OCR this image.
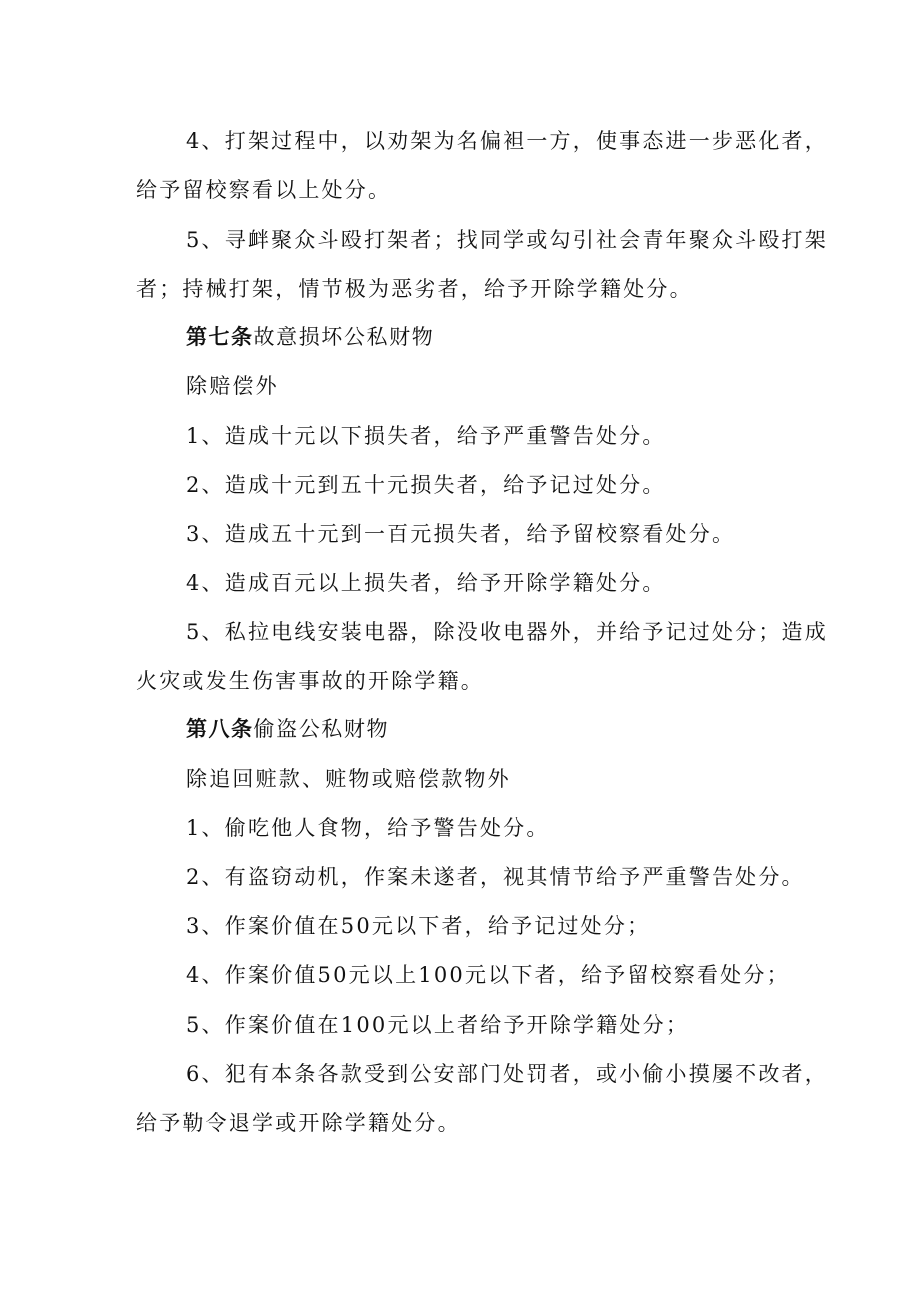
4、打架过程中，以劝架为名偏袒一方，使事态进一步恶化者，
给予留校察看以上处分。
5、寻衅聚众斗殴打架者；找同学或勾引社会青年聚众斗殴打架
者；持械打架，情节极为恶劣者，给予开除学籍处分。
第七条故意损坏公私财物
除赔偿外
1、造成十元以下损失者，给予严重警告处分。
2、造成十元到五十元损失者，给予记过处分。
3、造成五十元到一百元损失者，给予留校察看处分。
4、造成百元以上损失者，给予开除学籍处分。
5、私拉电线安装电器，除没收电器外，并给予记过处分；造成
火灾或发生伤害事故的开除学籍。
第八条偷盗公私财物
除追回赃款、赃物或赔偿款物外
1、偷吃他人食物，给予警告处分。
2、有盗窃动机，作案未遂者，视其情节给予严重警告处分。
3、作案价值在50元以下者，给予记过处分；
4、作案价值50元以上100元以下者，给予留校察看处分；
5、作案价值在100元以上者给予开除学籍处分；
6、犯有本条各款受到公安部门处罚者，或小偷小摸屡不改者，
给予勒令退学或开除学籍处分。
